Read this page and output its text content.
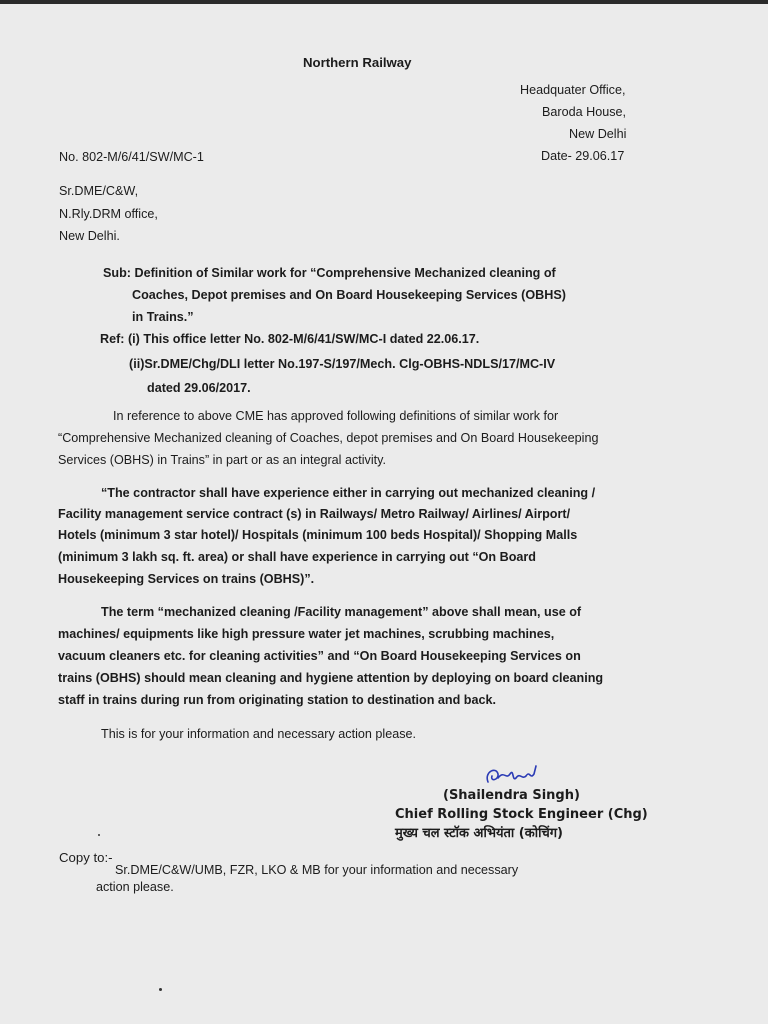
Northern Railway
Headquater Office,
Baroda House,
New Delhi
No. 802-M/6/41/SW/MC-1	Date- 29.06.17
Sr.DME/C&W,
N.Rly.DRM office,
New Delhi.
Sub: Definition of Similar work for “Comprehensive Mechanized cleaning of
Coaches, Depot premises and On Board Housekeeping Services (OBHS)
in Trains.”
Ref: (i) This office letter No. 802-M/6/41/SW/MC-I dated 22.06.17.
(ii)Sr.DME/Chg/DLI letter No.197-S/197/Mech. Clg-OBHS-NDLS/17/MC-IV
dated 29.06/2017.
In reference to above CME has approved following definitions of similar work for
“Comprehensive Mechanized cleaning of Coaches, depot premises and On Board Housekeeping
Services (OBHS) in Trains” in part or as an integral activity.
“The contractor shall have experience either in carrying out mechanized cleaning /
Facility management service contract (s) in Railways/ Metro Railway/ Airlines/ Airport/
Hotels (minimum 3 star hotel)/ Hospitals (minimum 100 beds Hospital)/ Shopping Malls
(minimum 3 lakh sq. ft. area) or shall have experience in carrying out “On Board
Housekeeping Services on trains (OBHS)”.
The term “mechanized cleaning /Facility management” above shall mean, use of
machines/ equipments like high pressure water jet machines, scrubbing machines,
vacuum cleaners etc. for cleaning activities” and “On Board Housekeeping Services on
trains (OBHS) should mean cleaning and hygiene attention by deploying on board cleaning
staff in trains during run from originating station to destination and back.
This is for your information and necessary action please.
(Shailendra Singh)
Chief Rolling Stock Engineer (Chg)
मुख्य चल स्टॉक अभियंता (कोचिंग)
Copy to:-
Sr.DME/C&W/UMB, FZR, LKO & MB for your information and necessary
action please.
